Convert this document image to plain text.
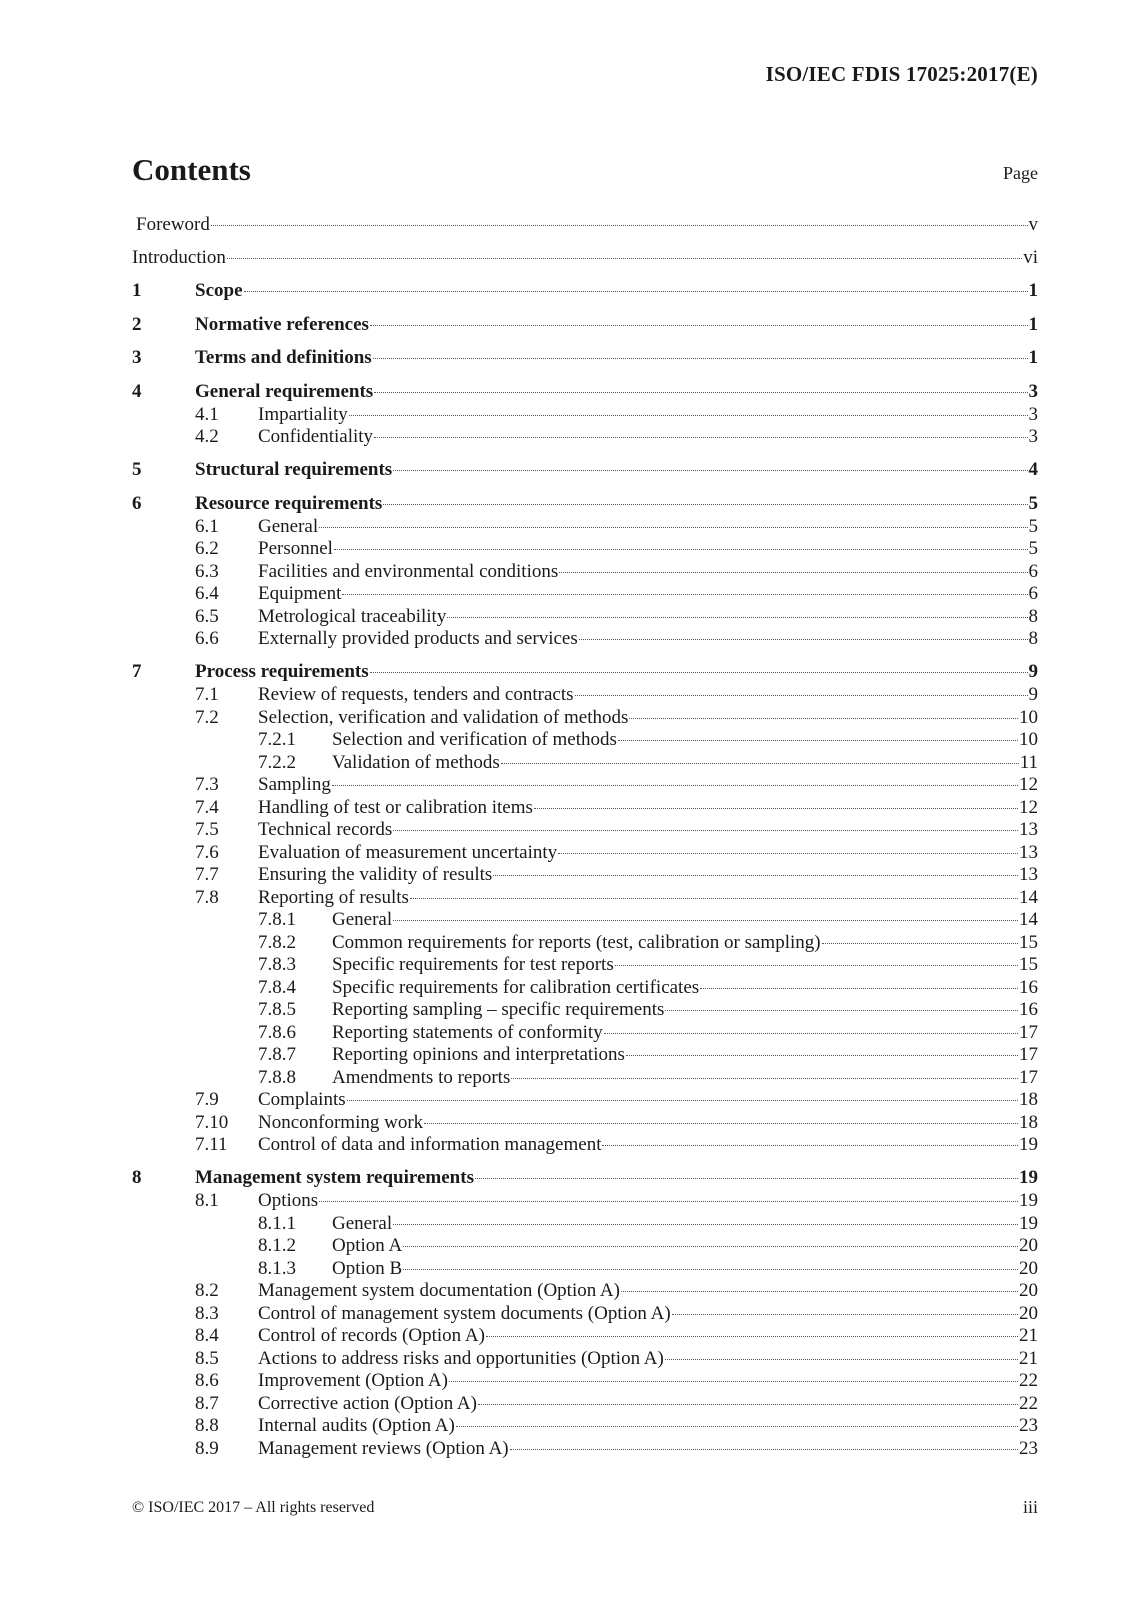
ISO/IEC FDIS 17025:2017(E)
Contents	Page
Foreword	v
Introduction	vi
1	Scope	1
2	Normative references	1
3	Terms and definitions	1
4	General requirements	3
4.1	Impartiality	3
4.2	Confidentiality	3
5	Structural requirements	4
6	Resource requirements	5
6.1	General	5
6.2	Personnel	5
6.3	Facilities and environmental conditions	6
6.4	Equipment	6
6.5	Metrological traceability	8
6.6	Externally provided products and services	8
7	Process requirements	9
7.1	Review of requests, tenders and contracts	9
7.2	Selection, verification and validation of methods	10
7.2.1	Selection and verification of methods	10
7.2.2	Validation of methods	11
7.3	Sampling	12
7.4	Handling of test or calibration items	12
7.5	Technical records	13
7.6	Evaluation of measurement uncertainty	13
7.7	Ensuring the validity of results	13
7.8	Reporting of results	14
7.8.1	General	14
7.8.2	Common requirements for reports (test, calibration or sampling)	15
7.8.3	Specific requirements for test reports	15
7.8.4	Specific requirements for calibration certificates	16
7.8.5	Reporting sampling – specific requirements	16
7.8.6	Reporting statements of conformity	17
7.8.7	Reporting opinions and interpretations	17
7.8.8	Amendments to reports	17
7.9	Complaints	18
7.10	Nonconforming work	18
7.11	Control of data and information management	19
8	Management system requirements	19
8.1	Options	19
8.1.1	General	19
8.1.2	Option A	20
8.1.3	Option B	20
8.2	Management system documentation (Option A)	20
8.3	Control of management system documents (Option A)	20
8.4	Control of records (Option A)	21
8.5	Actions to address risks and opportunities (Option A)	21
8.6	Improvement (Option A)	22
8.7	Corrective action (Option A)	22
8.8	Internal audits (Option A)	23
8.9	Management reviews (Option A)	23
© ISO/IEC 2017 – All rights reserved	iii
